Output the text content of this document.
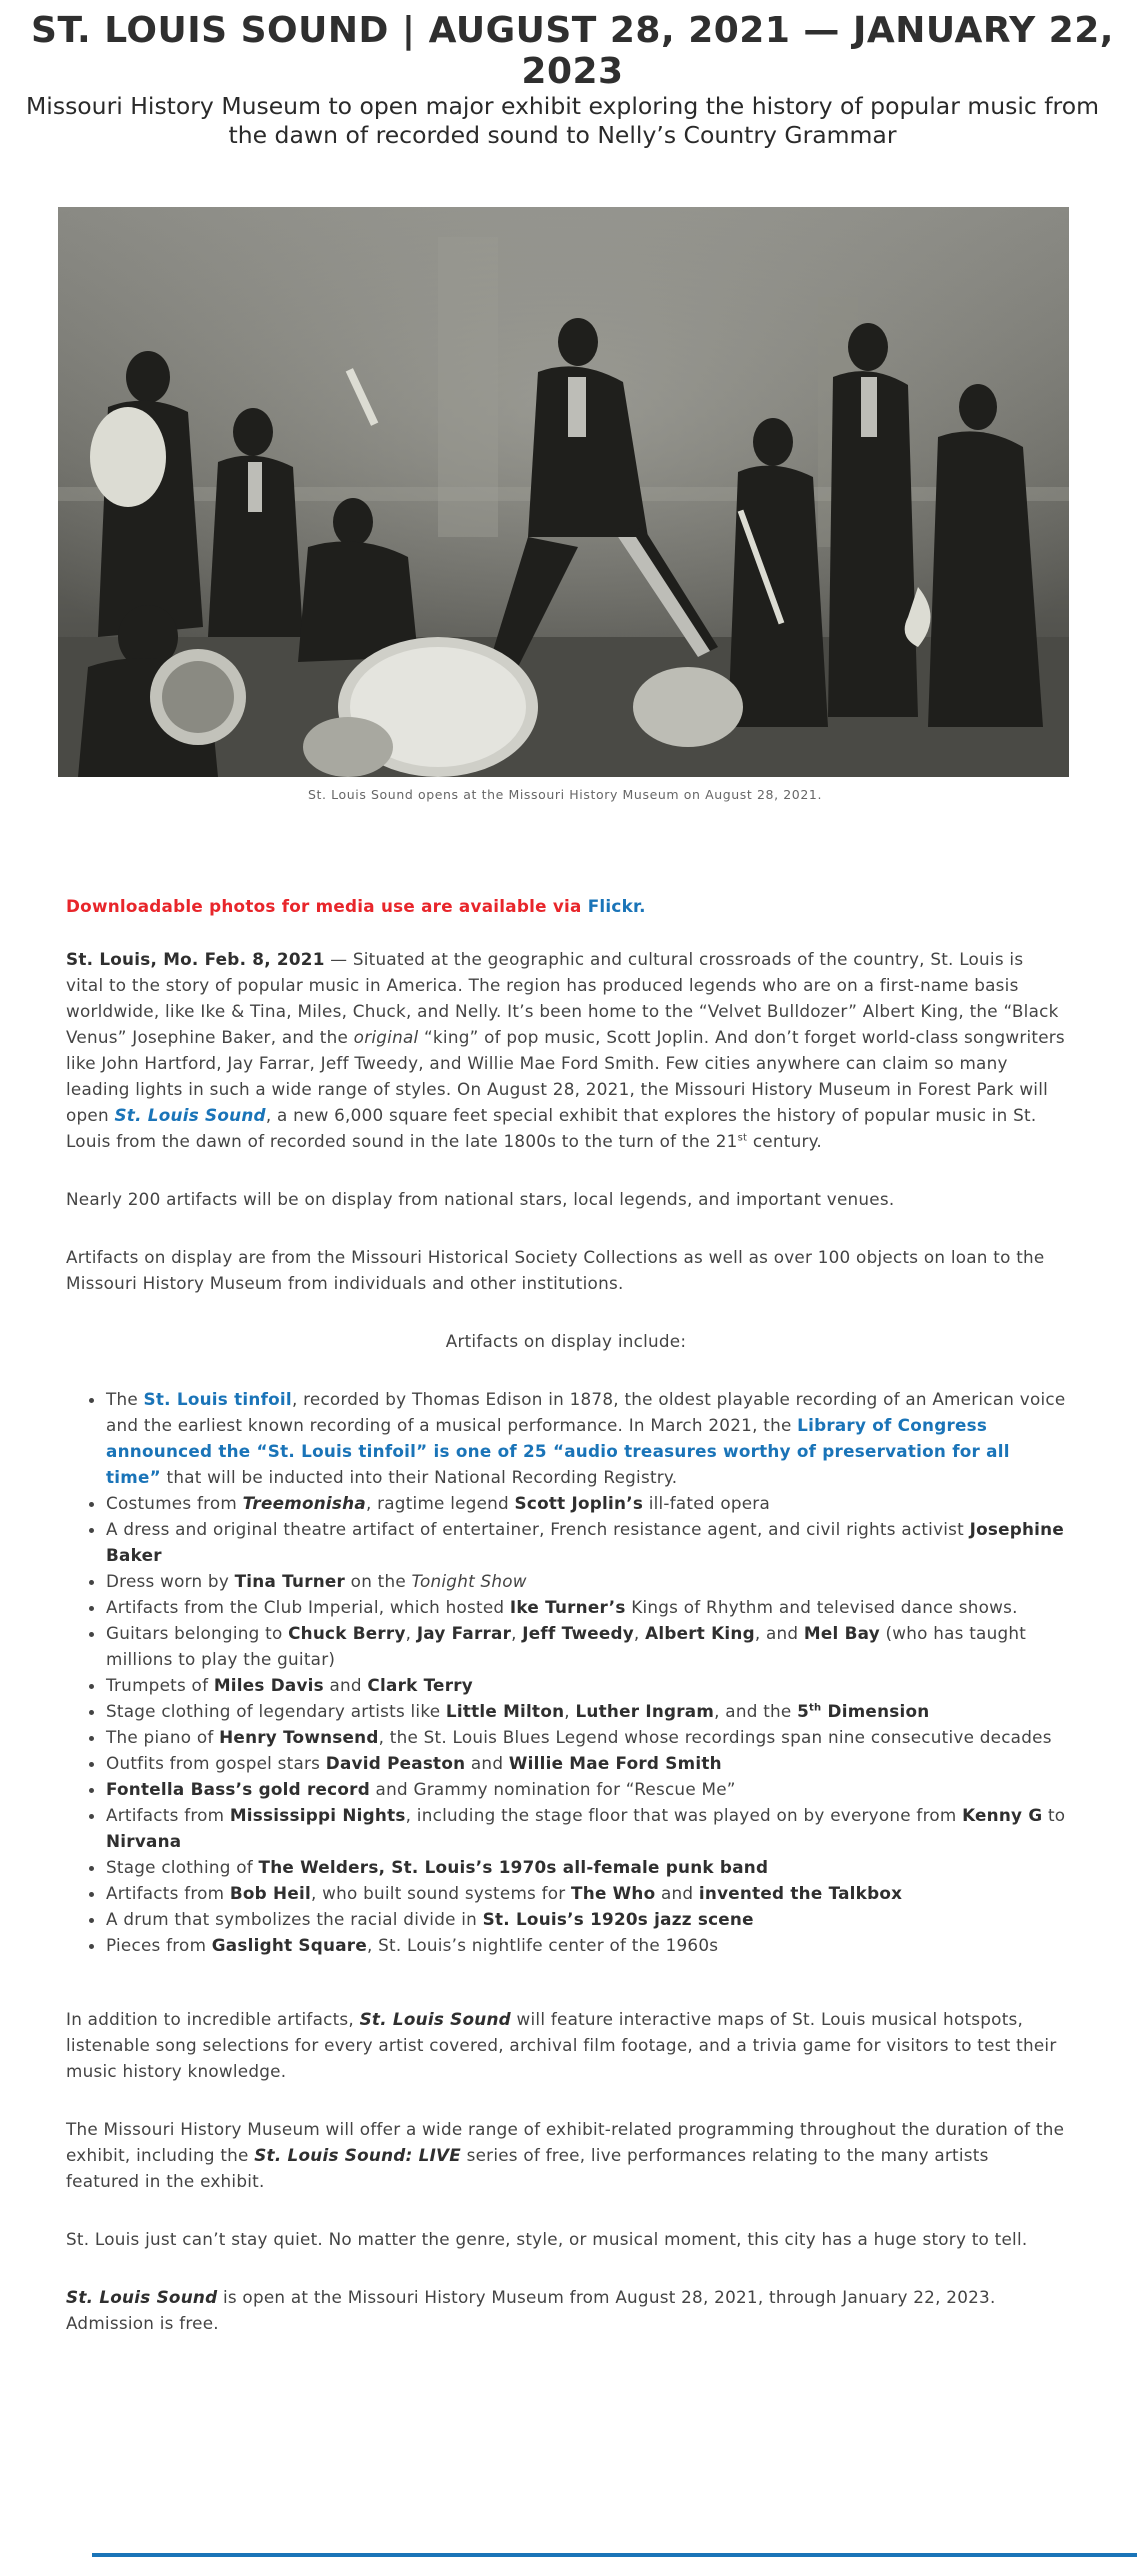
ST. LOUIS SOUND | AUGUST 28, 2021 — JANUARY 22, 2023
Missouri History Museum to open major exhibit exploring the history of popular music from the dawn of recorded sound to Nelly’s Country Grammar
St. Louis Sound opens at the Missouri History Museum on August 28, 2021.

Downloadable photos for media use are available via Flickr.

St. Louis, Mo. Feb. 8, 2021 — Situated at the geographic and cultural crossroads of the country, St. Louis is vital to the story of popular music in America. The region has produced legends who are on a first-name basis worldwide, like Ike & Tina, Miles, Chuck, and Nelly. It’s been home to the “Velvet Bulldozer” Albert King, the “Black Venus” Josephine Baker, and the original “king” of pop music, Scott Joplin. And don’t forget world-class songwriters like John Hartford, Jay Farrar, Jeff Tweedy, and Willie Mae Ford Smith. Few cities anywhere can claim so many leading lights in such a wide range of styles. On August 28, 2021, the Missouri History Museum in Forest Park will open St. Louis Sound, a new 6,000 square feet special exhibit that explores the history of popular music in St. Louis from the dawn of recorded sound in the late 1800s to the turn of the 21st century.

Nearly 200 artifacts will be on display from national stars, local legends, and important venues.

Artifacts on display are from the Missouri Historical Society Collections as well as over 100 objects on loan to the Missouri History Museum from individuals and other institutions.

Artifacts on display include:

• The St. Louis tinfoil, recorded by Thomas Edison in 1878, the oldest playable recording of an American voice and the earliest known recording of a musical performance. In March 2021, the Library of Congress announced the “St. Louis tinfoil” is one of 25 “audio treasures worthy of preservation for all time” that will be inducted into their National Recording Registry.
• Costumes from Treemonisha, ragtime legend Scott Joplin’s ill-fated opera
• A dress and original theatre artifact of entertainer, French resistance agent, and civil rights activist Josephine Baker
• Dress worn by Tina Turner on the Tonight Show
• Artifacts from the Club Imperial, which hosted Ike Turner’s Kings of Rhythm and televised dance shows.
• Guitars belonging to Chuck Berry, Jay Farrar, Jeff Tweedy, Albert King, and Mel Bay (who has taught millions to play the guitar)
• Trumpets of Miles Davis and Clark Terry
• Stage clothing of legendary artists like Little Milton, Luther Ingram, and the 5th Dimension
• The piano of Henry Townsend, the St. Louis Blues Legend whose recordings span nine consecutive decades
• Outfits from gospel stars David Peaston and Willie Mae Ford Smith
• Fontella Bass’s gold record and Grammy nomination for “Rescue Me”
• Artifacts from Mississippi Nights, including the stage floor that was played on by everyone from Kenny G to Nirvana
• Stage clothing of The Welders, St. Louis’s 1970s all-female punk band
• Artifacts from Bob Heil, who built sound systems for The Who and invented the Talkbox
• A drum that symbolizes the racial divide in St. Louis’s 1920s jazz scene
• Pieces from Gaslight Square, St. Louis’s nightlife center of the 1960s

In addition to incredible artifacts, St. Louis Sound will feature interactive maps of St. Louis musical hotspots, listenable song selections for every artist covered, archival film footage, and a trivia game for visitors to test their music history knowledge.

The Missouri History Museum will offer a wide range of exhibit-related programming throughout the duration of the exhibit, including the St. Louis Sound: LIVE series of free, live performances relating to the many artists featured in the exhibit.

St. Louis just can’t stay quiet. No matter the genre, style, or musical moment, this city has a huge story to tell.

St. Louis Sound is open at the Missouri History Museum from August 28, 2021, through January 22, 2023. Admission is free.
